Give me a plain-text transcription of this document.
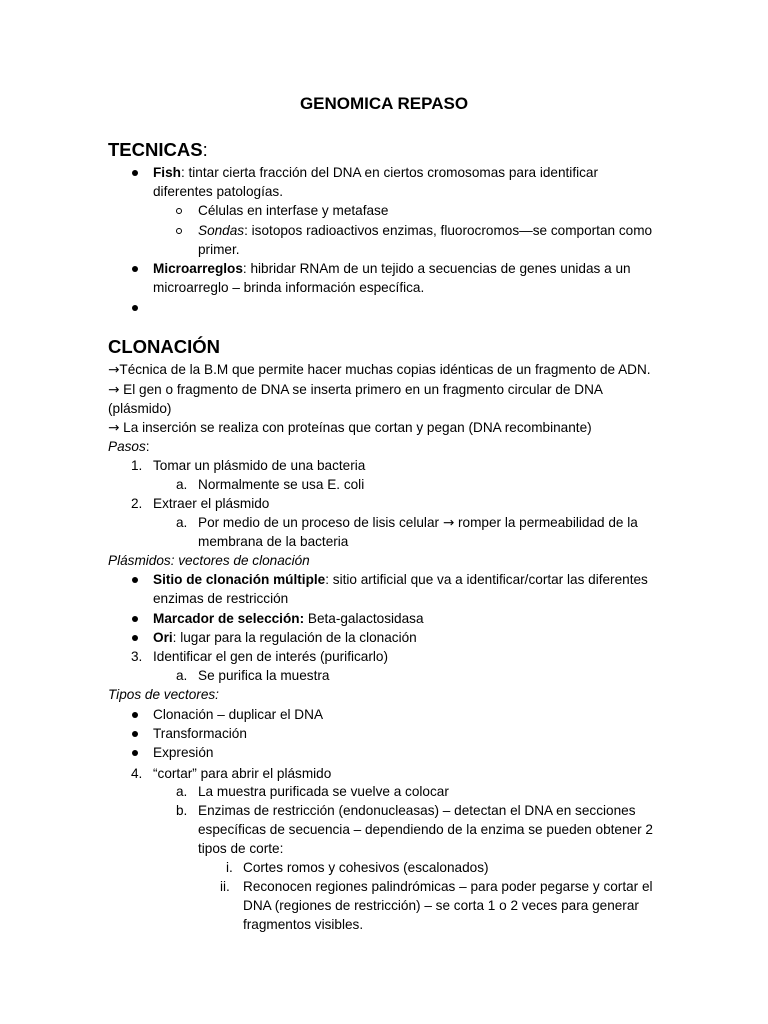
GENOMICA REPASO
TECNICAS:
Fish: tintar cierta fracción del DNA en ciertos cromosomas para identificar
diferentes patologías.
Células en interfase y metafase
Sondas: isotopos radioactivos enzimas, fluorocromos—se comportan como
primer.
Microarreglos: hibridar RNAm de un tejido a secuencias de genes unidas a un
microarreglo – brinda información específica.
CLONACIÓN
→Técnica de la B.M que permite hacer muchas copias idénticas de un fragmento de ADN.
→ El gen o fragmento de DNA se inserta primero en un fragmento circular de DNA
(plásmido)
→ La inserción se realiza con proteínas que cortan y pegan (DNA recombinante)
Pasos:
1. Tomar un plásmido de una bacteria
a. Normalmente se usa E. coli
2. Extraer el plásmido
a. Por medio de un proceso de lisis celular → romper la permeabilidad de la
membrana de la bacteria
Plásmidos: vectores de clonación
Sitio de clonación múltiple: sitio artificial que va a identificar/cortar las diferentes
enzimas de restricción
Marcador de selección: Beta-galactosidasa
Ori: lugar para la regulación de la clonación
3. Identificar el gen de interés (purificarlo)
a. Se purifica la muestra
Tipos de vectores:
Clonación – duplicar el DNA
Transformación
Expresión
4. “cortar” para abrir el plásmido
a. La muestra purificada se vuelve a colocar
b. Enzimas de restricción (endonucleasas) – detectan el DNA en secciones
específicas de secuencia – dependiendo de la enzima se pueden obtener 2
tipos de corte:
i. Cortes romos y cohesivos (escalonados)
ii. Reconocen regiones palindrómicas – para poder pegarse y cortar el
DNA (regiones de restricción) – se corta 1 o 2 veces para generar
fragmentos visibles.
